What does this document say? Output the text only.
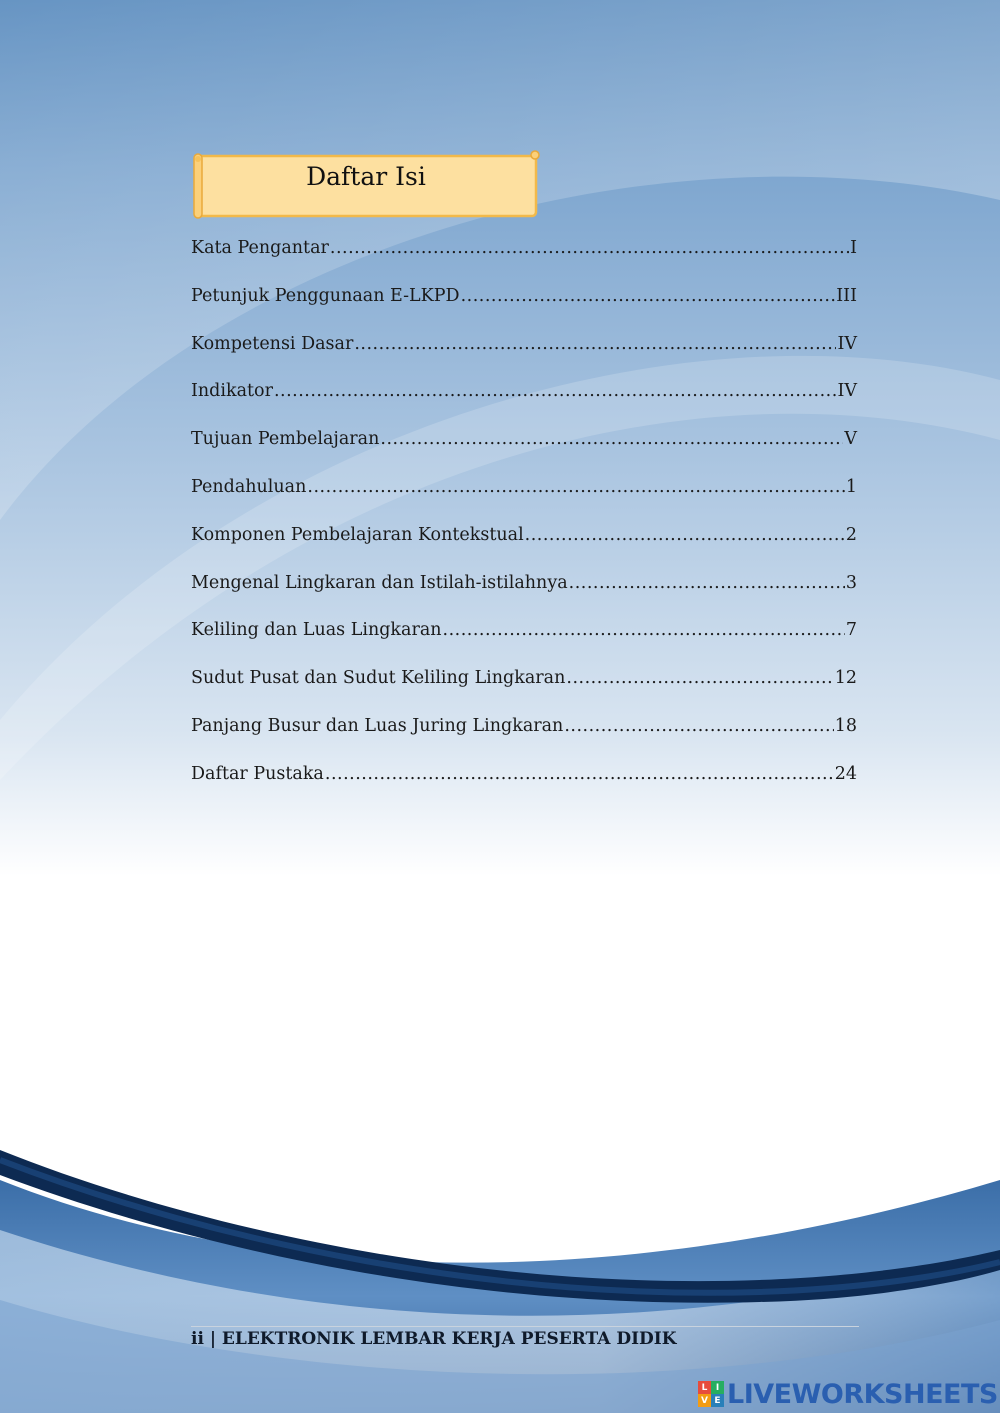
Daftar Isi
Kata Pengantar .....	I
Petunjuk Penggunaan E-LKPD .....	III
Kompetensi Dasar .....	IV
Indikator .....	IV
Tujuan Pembelajaran .....	V
Pendahuluan .....	1
Komponen Pembelajaran Kontekstual .....	2
Mengenal Lingkaran dan Istilah-istilahnya .....	3
Keliling dan Luas Lingkaran .....	7
Sudut Pusat dan Sudut Keliling Lingkaran .....	12
Panjang Busur dan Luas Juring Lingkaran .....	18
Daftar Pustaka .....	24
ii | ELEKTRONIK LEMBAR KERJA PESERTA DIDIK
L I
V E LIVEWORKSHEETS
